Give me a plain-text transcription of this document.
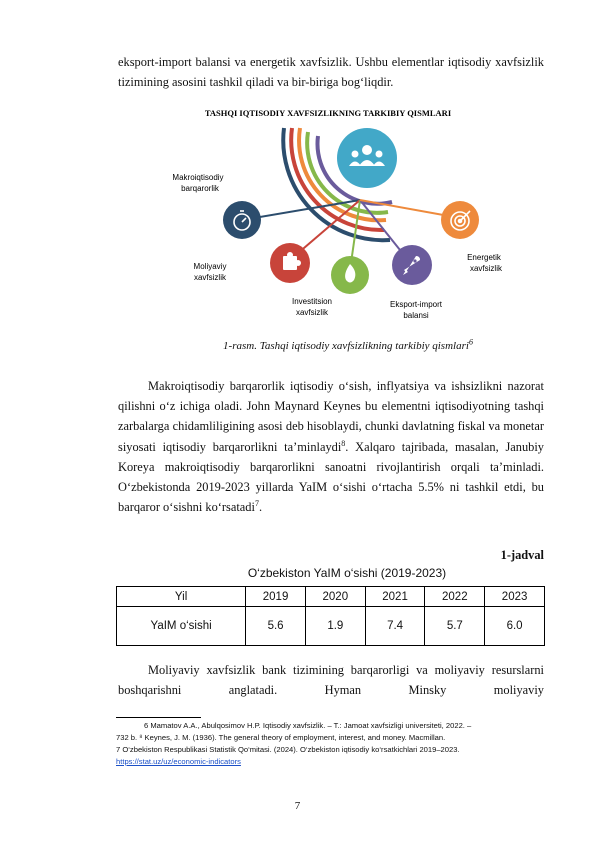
eksport-import balansi va energetik xavfsizlik. Ushbu elementlar iqtisodiy xavfsizlik tizimining asosini tashkil qiladi va bir-biriga bog‘liqdir.

TASHQI IQTISODIY XAVFSIZLIKNING TARKIBIY QISMLARI
Makroiqtisodiy
barqarorlik
Moliyaviy
xavfsizlik
Investitsion
xavfsizlik
Eksport-import
balansi
Energetik
xavfsizlik
1-rasm. Tashqi iqtisodiy xavfsizlikning tarkibiy qismlari$^6$

Makroiqtisodiy barqarorlik iqtisodiy o‘sish, inflyatsiya va ishsizlikni nazorat qilishni o‘z ichiga oladi. John Maynard Keynes bu elementni iqtisodiyotning tashqi zarbalarga chidamliligining asosi deb hisoblaydi, chunki davlatning fiskal va monetar siyosati iqtisodiy barqarorlikni ta’minlaydi$^8$. Xalqaro tajribada, masalan, Janubiy Koreya makroiqtisodiy barqarorlikni sanoatni rivojlantirish orqali ta’minladi. O‘zbekistonda 2019-2023 yillarda YaIM o‘sishi o‘rtacha 5.5% ni tashkil etdi, bu barqaror o‘sishni ko‘rsatadi$^7$.

1-jadval
O‘zbekiston YaIM o‘sishi (2019-2023)
Yil	2019	2020	2021	2022	2023
YaIM o‘sishi	5.6	1.9	7.4	5.7	6.0

Moliyaviy xavfsizlik bank tizimining barqarorligi va moliyaviy resurslarni boshqarishni anglatadi. Hyman Minsky moliyaviy

6 Mamatov A.A., Abulqosimov H.P. Iqtisodiy xavfsizlik. – T.: Jamoat xavfsizligi universiteti, 2022. –
732 b. ⁸ Keynes, J. M. (1936). The general theory of employment, interest, and money. Macmillan.
7 O‘zbekiston Respublikasi Statistik Qo‘mitasi. (2024). O‘zbekiston iqtisodiy ko‘rsatkichlari 2019–2023.
https://stat.uz/uz/economic-indicators
7
